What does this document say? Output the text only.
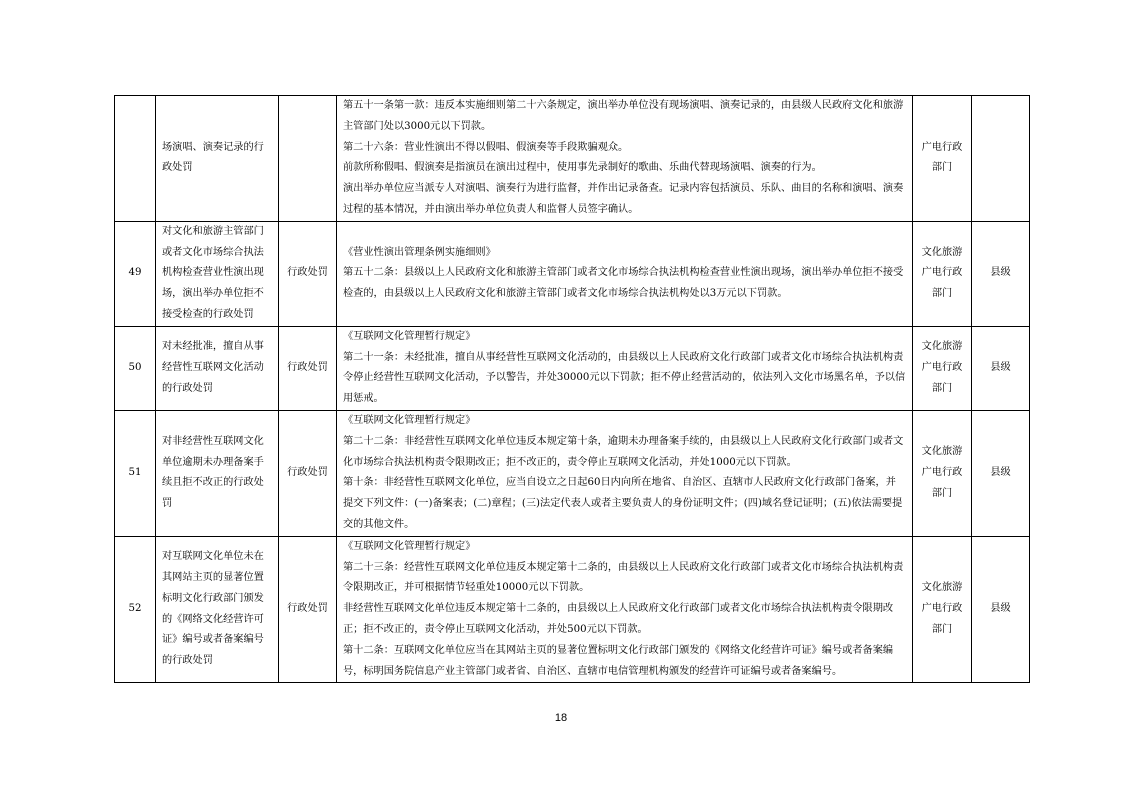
	场演唱、演奏记录的行政处罚		第五十一条第一款：违反本实施细则第二十六条规定，演出举办单位没有现场演唱、演奏记录的，由县级人民政府文化和旅游主管部门处以3000元以下罚款。

第二十六条：营业性演出不得以假唱、假演奏等手段欺骗观众。

前款所称假唱、假演奏是指演员在演出过程中，使用事先录制好的歌曲、乐曲代替现场演唱、演奏的行为。

演出举办单位应当派专人对演唱、演奏行为进行监督，并作出记录备查。记录内容包括演员、乐队、曲目的名称和演唱、演奏过程的基本情况，并由演出举办单位负责人和监督人员签字确认。	广电行政部门	
49	对文化和旅游主管部门或者文化市场综合执法机构检查营业性演出现场，演出举办单位拒不接受检查的行政处罚	行政处罚	《营业性演出管理条例实施细则》

第五十二条：县级以上人民政府文化和旅游主管部门或者文化市场综合执法机构检查营业性演出现场，演出举办单位拒不接受检查的，由县级以上人民政府文化和旅游主管部门或者文化市场综合执法机构处以3万元以下罚款。	文化旅游广电行政部门	县级
50	对未经批准，擅自从事经营性互联网文化活动的行政处罚	行政处罚	《互联网文化管理暂行规定》

第二十一条：未经批准，擅自从事经营性互联网文化活动的，由县级以上人民政府文化行政部门或者文化市场综合执法机构责令停止经营性互联网文化活动，予以警告，并处30000元以下罚款；拒不停止经营活动的，依法列入文化市场黑名单，予以信用惩戒。	文化旅游广电行政部门	县级
51	对非经营性互联网文化单位逾期未办理备案手续且拒不改正的行政处罚	行政处罚	《互联网文化管理暂行规定》

第二十二条：非经营性互联网文化单位违反本规定第十条，逾期未办理备案手续的，由县级以上人民政府文化行政部门或者文化市场综合执法机构责令限期改正；拒不改正的，责令停止互联网文化活动，并处1000元以下罚款。

第十条：非经营性互联网文化单位，应当自设立之日起60日内向所在地省、自治区、直辖市人民政府文化行政部门备案，并提交下列文件：(一)备案表；(二)章程；(三)法定代表人或者主要负责人的身份证明文件；(四)域名登记证明；(五)依法需要提交的其他文件。	文化旅游广电行政部门	县级
52	对互联网文化单位未在其网站主页的显著位置标明文化行政部门颁发的《网络文化经营许可证》编号或者备案编号的行政处罚	行政处罚	《互联网文化管理暂行规定》

第二十三条：经营性互联网文化单位违反本规定第十二条的，由县级以上人民政府文化行政部门或者文化市场综合执法机构责令限期改正，并可根据情节轻重处10000元以下罚款。

非经营性互联网文化单位违反本规定第十二条的，由县级以上人民政府文化行政部门或者文化市场综合执法机构责令限期改正；拒不改正的，责令停止互联网文化活动，并处500元以下罚款。

第十二条：互联网文化单位应当在其网站主页的显著位置标明文化行政部门颁发的《网络文化经营许可证》编号或者备案编号，标明国务院信息产业主管部门或者省、自治区、直辖市电信管理机构颁发的经营许可证编号或者备案编号。	文化旅游广电行政部门	县级
18
